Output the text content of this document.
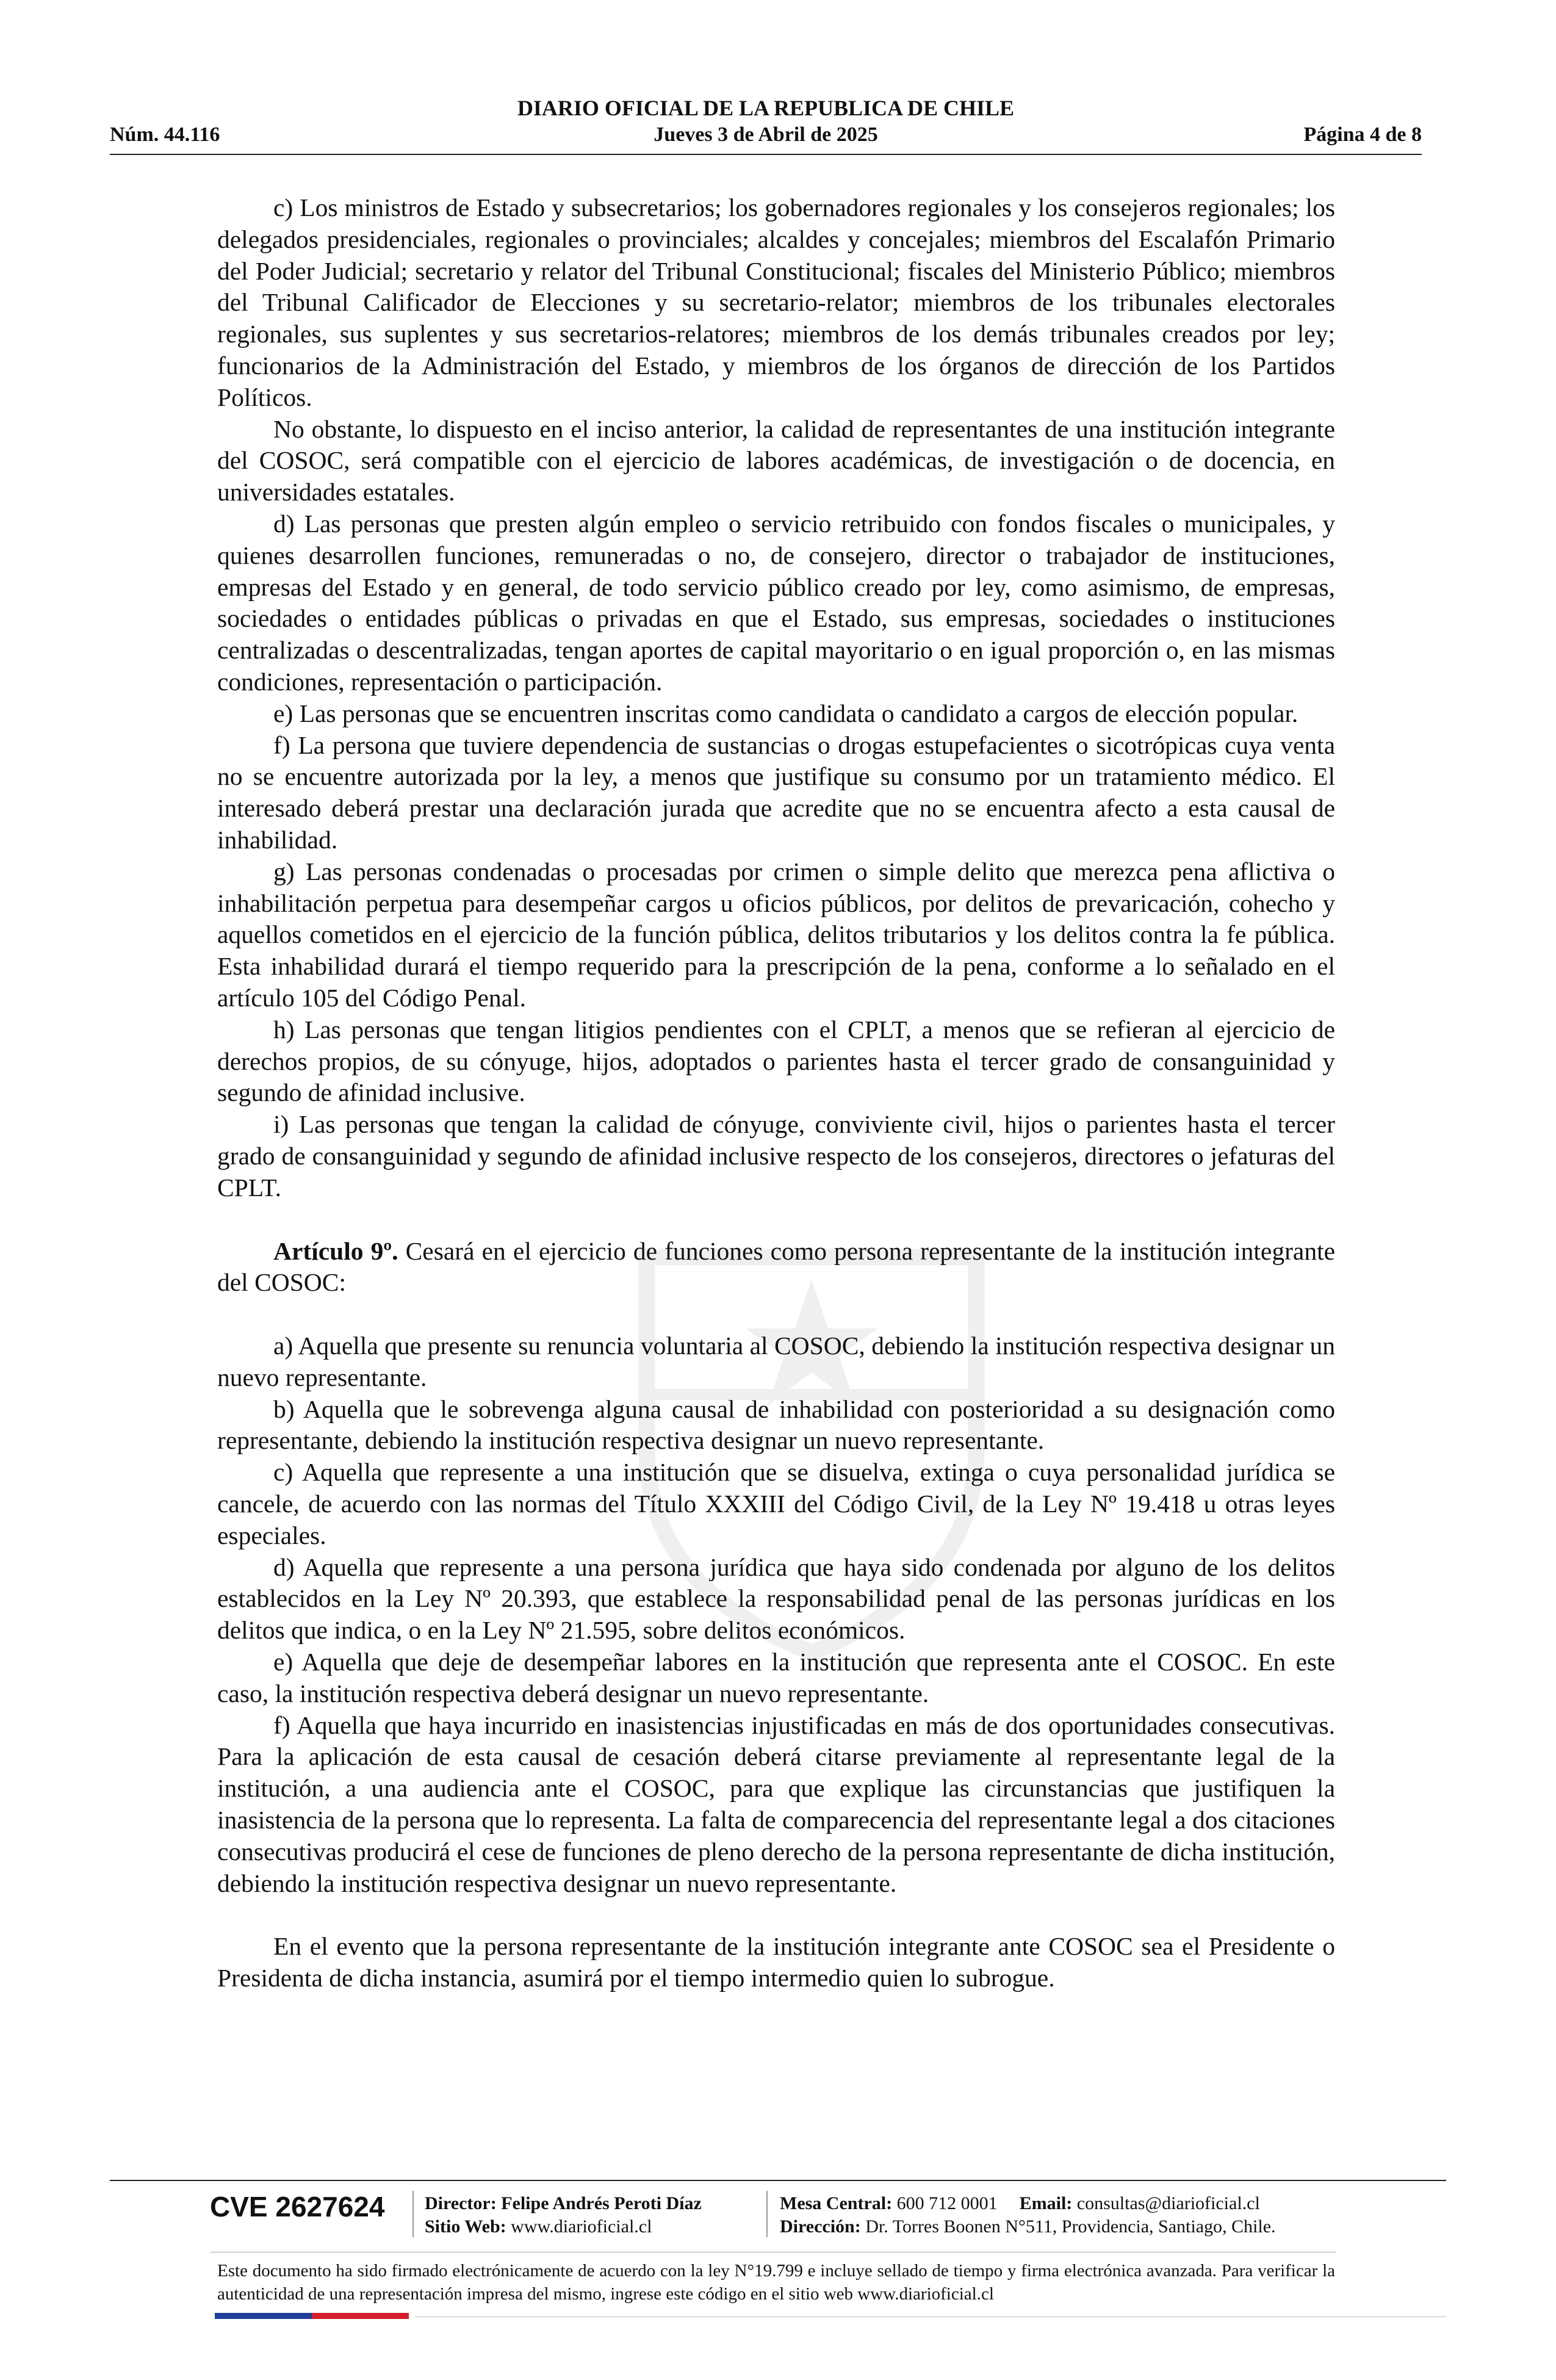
DIARIO OFICIAL DE LA REPUBLICA DE CHILE
Núm. 44.116	Jueves 3 de Abril de 2025	Página 4 de 8

c) Los ministros de Estado y subsecretarios; los gobernadores regionales y los consejeros regionales; los delegados presidenciales, regionales o provinciales; alcaldes y concejales; miembros del Escalafón Primario del Poder Judicial; secretario y relator del Tribunal Constitucional; fiscales del Ministerio Público; miembros del Tribunal Calificador de Elecciones y su secretario-relator; miembros de los tribunales electorales regionales, sus suplentes y sus secretarios-relatores; miembros de los demás tribunales creados por ley; funcionarios de la Administración del Estado, y miembros de los órganos de dirección de los Partidos Políticos.

No obstante, lo dispuesto en el inciso anterior, la calidad de representantes de una institución integrante del COSOC, será compatible con el ejercicio de labores académicas, de investigación o de docencia, en universidades estatales.

d) Las personas que presten algún empleo o servicio retribuido con fondos fiscales o municipales, y quienes desarrollen funciones, remuneradas o no, de consejero, director o trabajador de instituciones, empresas del Estado y en general, de todo servicio público creado por ley, como asimismo, de empresas, sociedades o entidades públicas o privadas en que el Estado, sus empresas, sociedades o instituciones centralizadas o descentralizadas, tengan aportes de capital mayoritario o en igual proporción o, en las mismas condiciones, representación o participación.

e) Las personas que se encuentren inscritas como candidata o candidato a cargos de elección popular.

f) La persona que tuviere dependencia de sustancias o drogas estupefacientes o sicotrópicas cuya venta no se encuentre autorizada por la ley, a menos que justifique su consumo por un tratamiento médico. El interesado deberá prestar una declaración jurada que acredite que no se encuentra afecto a esta causal de inhabilidad.

g) Las personas condenadas o procesadas por crimen o simple delito que merezca pena aflictiva o inhabilitación perpetua para desempeñar cargos u oficios públicos, por delitos de prevaricación, cohecho y aquellos cometidos en el ejercicio de la función pública, delitos tributarios y los delitos contra la fe pública. Esta inhabilidad durará el tiempo requerido para la prescripción de la pena, conforme a lo señalado en el artículo 105 del Código Penal.

h) Las personas que tengan litigios pendientes con el CPLT, a menos que se refieran al ejercicio de derechos propios, de su cónyuge, hijos, adoptados o parientes hasta el tercer grado de consanguinidad y segundo de afinidad inclusive.

i) Las personas que tengan la calidad de cónyuge, conviviente civil, hijos o parientes hasta el tercer grado de consanguinidad y segundo de afinidad inclusive respecto de los consejeros, directores o jefaturas del CPLT.

Artículo 9º. Cesará en el ejercicio de funciones como persona representante de la institución integrante del COSOC:

a) Aquella que presente su renuncia voluntaria al COSOC, debiendo la institución respectiva designar un nuevo representante.

b) Aquella que le sobrevenga alguna causal de inhabilidad con posterioridad a su designación como representante, debiendo la institución respectiva designar un nuevo representante.

c) Aquella que represente a una institución que se disuelva, extinga o cuya personalidad jurídica se cancele, de acuerdo con las normas del Título XXXIII del Código Civil, de la Ley Nº 19.418 u otras leyes especiales.

d) Aquella que represente a una persona jurídica que haya sido condenada por alguno de los delitos establecidos en la Ley Nº 20.393, que establece la responsabilidad penal de las personas jurídicas en los delitos que indica, o en la Ley Nº 21.595, sobre delitos económicos.

e) Aquella que deje de desempeñar labores en la institución que representa ante el COSOC. En este caso, la institución respectiva deberá designar un nuevo representante.

f) Aquella que haya incurrido en inasistencias injustificadas en más de dos oportunidades consecutivas. Para la aplicación de esta causal de cesación deberá citarse previamente al representante legal de la institución, a una audiencia ante el COSOC, para que explique las circunstancias que justifiquen la inasistencia de la persona que lo representa. La falta de comparecencia del representante legal a dos citaciones consecutivas producirá el cese de funciones de pleno derecho de la persona representante de dicha institución, debiendo la institución respectiva designar un nuevo representante.

En el evento que la persona representante de la institución integrante ante COSOC sea el Presidente o Presidenta de dicha instancia, asumirá por el tiempo intermedio quien lo subrogue.

CVE 2627624 Director: Felipe Andrés Peroti Díaz
Sitio Web: www.diarioficial.cl
Mesa Central: 600 712 0001 Email: consultas@diarioficial.cl
Dirección: Dr. Torres Boonen N°511, Providencia, Santiago, Chile.
Este documento ha sido firmado electrónicamente de acuerdo con la ley N°19.799 e incluye sellado de tiempo y firma electrónica avanzada. Para verificar la autenticidad de una representación impresa del mismo, ingrese este código en el sitio web www.diarioficial.cl
